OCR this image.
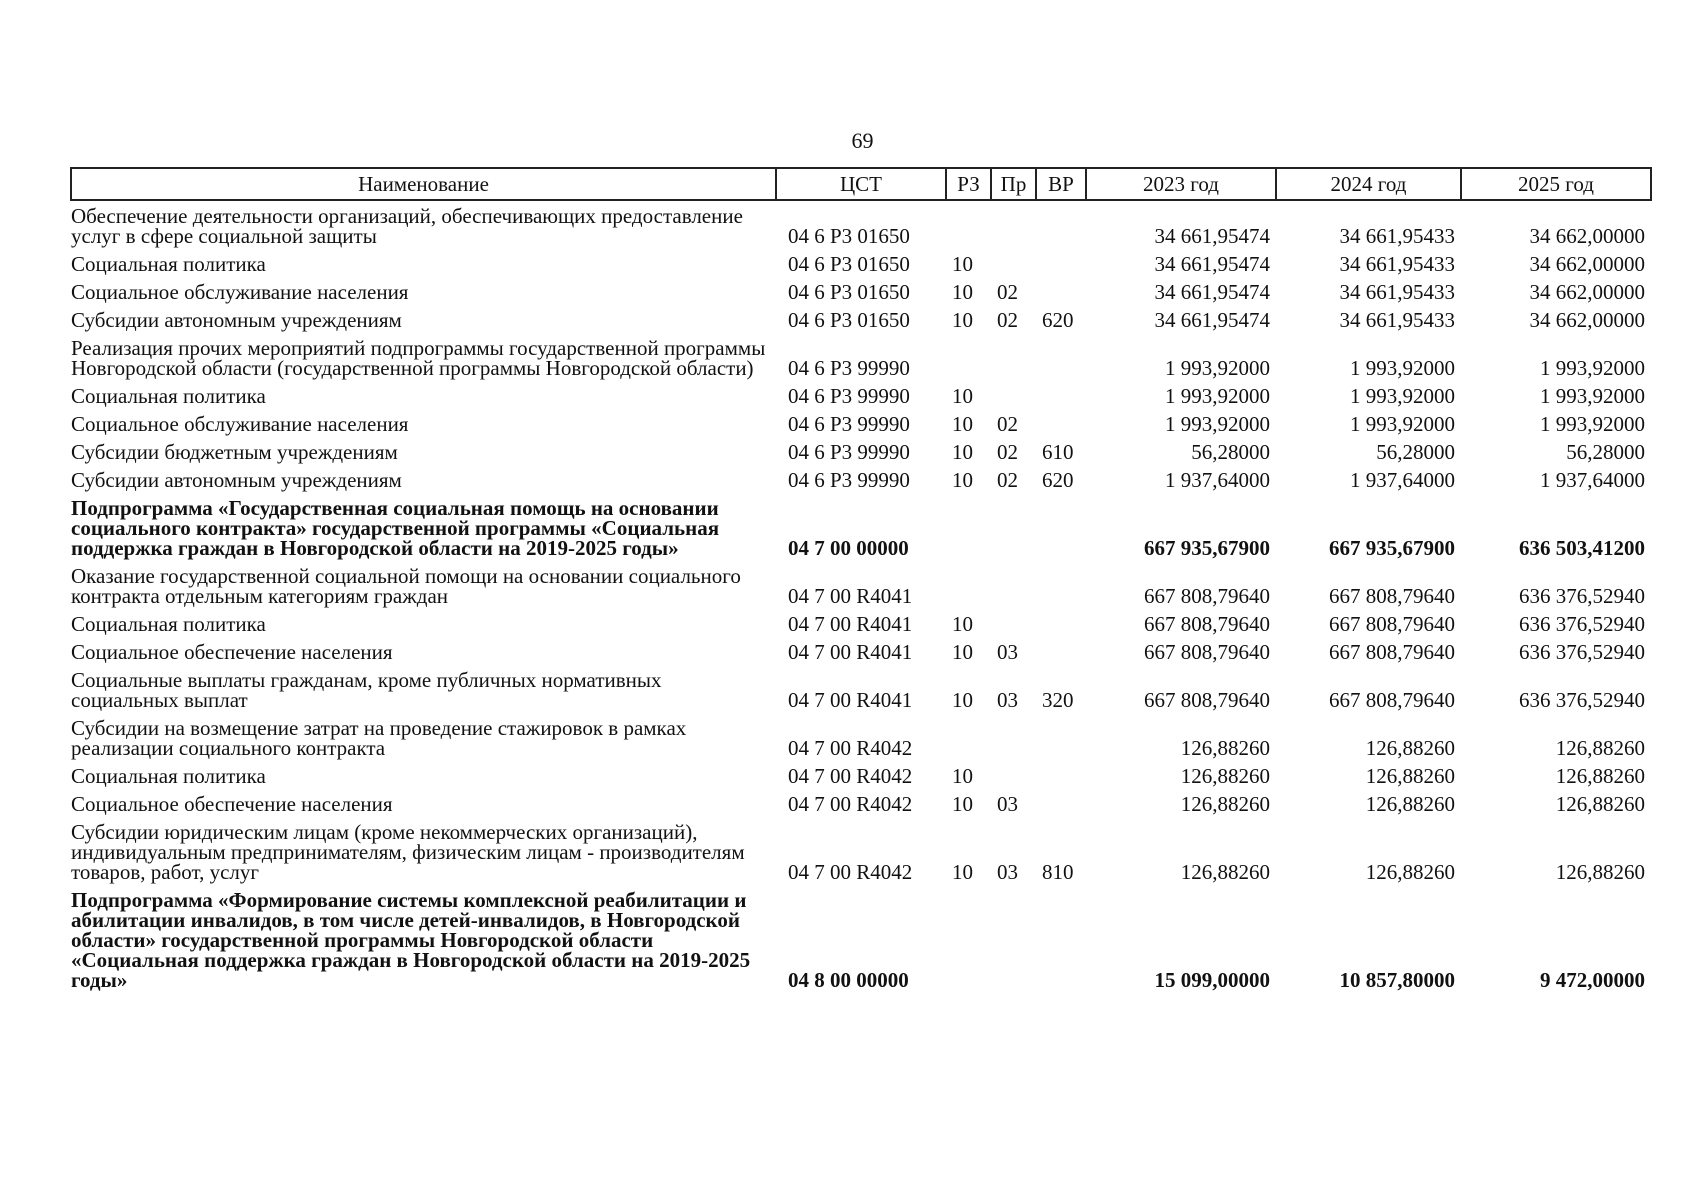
69
Наименование	ЦСТ	РЗ	Пр	ВР	2023 год	2024 год	2025 год
Обеспечение деятельности организаций, обеспечивающих предоставление услуг в сфере социальной защиты	04 6 Р3 01650				34 661,95474	34 661,95433	34 662,00000
Социальная политика	04 6 Р3 01650	10			34 661,95474	34 661,95433	34 662,00000
Социальное обслуживание населения	04 6 Р3 01650	10	02		34 661,95474	34 661,95433	34 662,00000
Субсидии автономным учреждениям	04 6 Р3 01650	10	02	620	34 661,95474	34 661,95433	34 662,00000
Реализация прочих мероприятий подпрограммы государственной программы Новгородской области (государственной программы Новгородской области)	04 6 Р3 99990				1 993,92000	1 993,92000	1 993,92000
Социальная политика	04 6 Р3 99990	10			1 993,92000	1 993,92000	1 993,92000
Социальное обслуживание населения	04 6 Р3 99990	10	02		1 993,92000	1 993,92000	1 993,92000
Субсидии бюджетным учреждениям	04 6 Р3 99990	10	02	610	56,28000	56,28000	56,28000
Субсидии автономным учреждениям	04 6 Р3 99990	10	02	620	1 937,64000	1 937,64000	1 937,64000
Подпрограмма «Государственная социальная помощь на основании социального контракта» государственной программы «Социальная поддержка граждан в Новгородской области на 2019-2025 годы»	04 7 00 00000				667 935,67900	667 935,67900	636 503,41200
Оказание государственной социальной помощи на основании социального контракта отдельным категориям граждан	04 7 00 R4041				667 808,79640	667 808,79640	636 376,52940
Социальная политика	04 7 00 R4041	10			667 808,79640	667 808,79640	636 376,52940
Социальное обеспечение населения	04 7 00 R4041	10	03		667 808,79640	667 808,79640	636 376,52940
Социальные выплаты гражданам, кроме публичных нормативных социальных выплат	04 7 00 R4041	10	03	320	667 808,79640	667 808,79640	636 376,52940
Субсидии на возмещение затрат на проведение стажировок в рамках реализации социального контракта	04 7 00 R4042				126,88260	126,88260	126,88260
Социальная политика	04 7 00 R4042	10			126,88260	126,88260	126,88260
Социальное обеспечение населения	04 7 00 R4042	10	03		126,88260	126,88260	126,88260
Субсидии юридическим лицам (кроме некоммерческих организаций), индивидуальным предпринимателям, физическим лицам - производителям товаров, работ, услуг	04 7 00 R4042	10	03	810	126,88260	126,88260	126,88260
Подпрограмма «Формирование системы комплексной реабилитации и абилитации инвалидов, в том числе детей-инвалидов, в Новгородской области» государственной программы Новгородской области «Социальная поддержка граждан в Новгородской области на 2019-2025 годы»	04 8 00 00000				15 099,00000	10 857,80000	9 472,00000
